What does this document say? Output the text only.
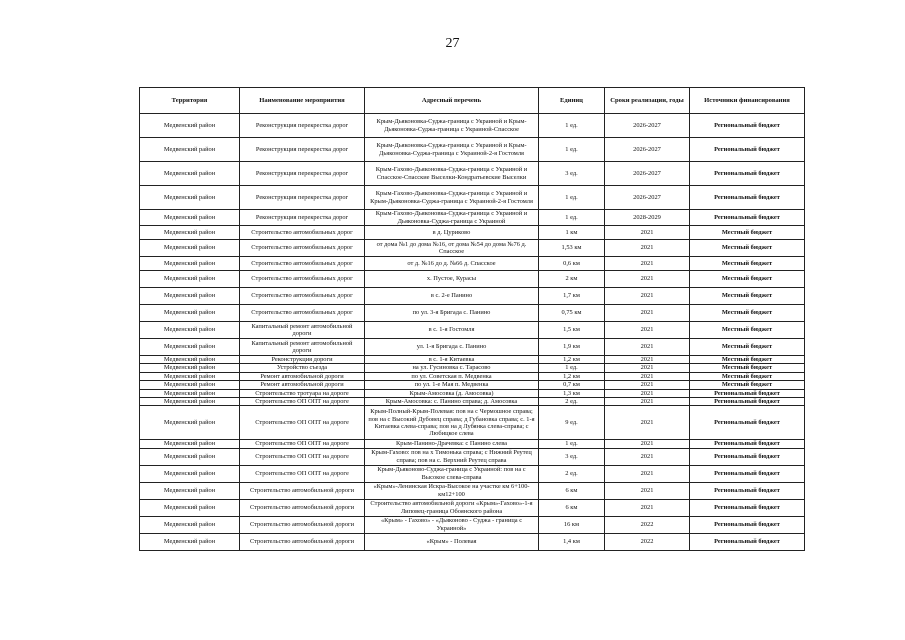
27
Территория	Наименование мероприятия	Адресный перечень	Единиц	Сроки реализации, годы	Источники финансирования
Медвенский район	Реконструкция перекрестка дорог	Крым-Дьяконовка-Суджа-граница с Украиной и Крым-Дьяконовка-Суджа-граница с Украиной-Спасское	1 ед.	2026-2027	Региональный бюджет
Медвенский район	Реконструкция перекрестка дорог	Крым-Дьяконовка-Суджа-граница с Украиной и Крым-Дьяконовка-Суджа-граница с Украиной-2-я Гостомля	1 ед.	2026-2027	Региональный бюджет
Медвенский район	Реконструкция перекрестка дорог	Крым-Гахово-Дьяконовка-Суджа-граница с Украиной и Спасское-Спасские Выселки-Кондратьевские Выселки	3 ед.	2026-2027	Региональный бюджет
Медвенский район	Реконструкция перекрестка дорог	Крым-Гахово-Дьяконовка-Суджа-граница с Украиной и Крым-Дьяконовка-Суджа-граница с Украиной-2-я Гостомля	1 ед.	2026-2027	Региональный бюджет
Медвенский район	Реконструкция перекрестка дорог	Крым-Гахово-Дьяконовка-Суджа-граница с Украиной и Дьяконовка-Суджа-граница с Украиной	1 ед.	2028-2029	Региональный бюджет
Медвенский район	Строительство автомобильных дорог	в д. Цуриково	1 км	2021	Местный бюджет
Медвенский район	Строительство автомобильных дорог	от дома №1 до дома №16, от дома №54 до дома №76 д. Спасское	1,53 км	2021	Местный бюджет
Медвенский район	Строительство автомобильных дорог	от д. №16 до д. №66 д. Спасское	0,6 км	2021	Местный бюджет
Медвенский район	Строительство автомобильных дорог	х. Пустое, Курасы	2 км	2021	Местный бюджет
Медвенский район	Строительство автомобильных дорог	в с. 2-е Панино	1,7 км	2021	Местный бюджет
Медвенский район	Строительство автомобильных дорог	по ул. 3-я Бригада с. Панино	0,75 км	2021	Местный бюджет
Медвенский район	Капитальный ремонт автомобильной дороги	в с. 1-я Гостомля	1,5 км	2021	Местный бюджет
Медвенский район	Капитальный ремонт автомобильной дороги	ул. 1-я Бригада с. Панино	1,9 км	2021	Местный бюджет
Медвенский район	Реконструкция дороги	в с. 1-я Китаевка	1,2 км	2021	Местный бюджет
Медвенский район	Устройство съезда	на ул. Гусиновка с. Тарасово	1 ед.	2021	Местный бюджет
Медвенский район	Ремонт автомобильной дороги	по ул. Советская п. Медвенка	1,2 км	2021	Местный бюджет
Медвенский район	Ремонт автомобильной дороги	по ул. 1-е Мая п. Медвенка	0,7 км	2021	Местный бюджет
Медвенский район	Строительство тротуара на дороге	Крым-Амосовка (д. Амосовка)	1,3 км	2021	Региональный бюджет
Медвенский район	Строительство ОП ОПТ на дороге	Крым-Амосовка: с. Панино справа; д. Амосовка	2 ед.	2021	Региональный бюджет
Медвенский район	Строительство ОП ОПТ на дороге	Крым-Полный-Крым-Полевая: пов на с Чермошное справа; пов на с Высокий Дубовец справа; д Губановка справа; с. 1-я Китаевка слева-справа; пов на д Лубянка слева-справа; с Любицкое слева	9 ед.	2021	Региональный бюджет
Медвенский район	Строительство ОП ОПТ на дороге	Крым-Панино-Драчевка: с Панино слева	1 ед.	2021	Региональный бюджет
Медвенский район	Строительство ОП ОПТ на дороге	Крым-Гахово: пов на х Тимонька справа; с Нижний Реутец справа; пов на с. Верхний Реутец справа	3 ед.	2021	Региональный бюджет
Медвенский район	Строительство ОП ОПТ на дороге	Крым-Дьяконово-Суджа-граница с Украиной: пов на с Высокое слева-справа	2 ед.	2021	Региональный бюджет
Медвенский район	Строительство автомобильной дороги	«Крым»-Ленинская Искра-Высокое на участке км 6+100-км12+100	6 км	2021	Региональный бюджет
Медвенский район	Строительство автомобильной дороги	Строительство автомобильной дороги «Крым»-Гахово»-1-я Липовец-граница Обоянского района	6 км	2021	Региональный бюджет
Медвенский район	Строительство автомобильной дороги	«Крым» - Гахово» - «Дьяконово - Суджа - граница с Украиной»	16 км	2022	Региональный бюджет
Медвенский район	Строительство автомобильной дороги	«Крым» - Полевая	1,4 км	2022	Региональный бюджет
